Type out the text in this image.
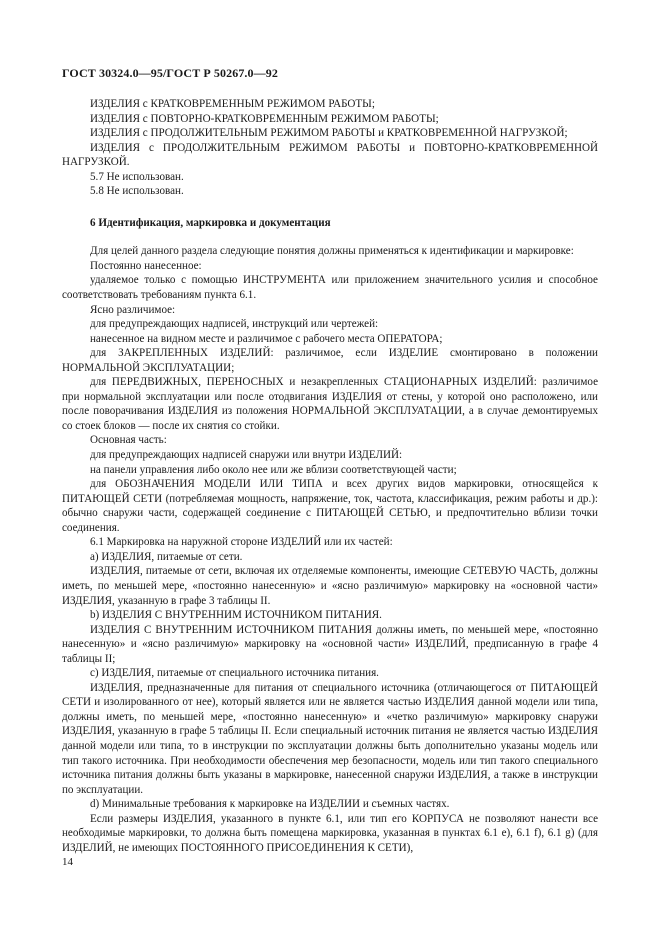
ГОСТ 30324.0—95/ГОСТ Р 50267.0—92

ИЗДЕЛИЯ с КРАТКОВРЕМЕННЫМ РЕЖИМОМ РАБОТЫ;

ИЗДЕЛИЯ с ПОВТОРНО-КРАТКОВРЕМЕННЫМ РЕЖИМОМ РАБОТЫ;

ИЗДЕЛИЯ с ПРОДОЛЖИТЕЛЬНЫМ РЕЖИМОМ РАБОТЫ и КРАТКОВРЕМЕННОЙ НАГРУЗКОЙ;

ИЗДЕЛИЯ с ПРОДОЛЖИТЕЛЬНЫМ РЕЖИМОМ РАБОТЫ и ПОВТОРНО-КРАТКОВРЕМЕННОЙ НАГРУЗКОЙ.

5.7 Не использован.

5.8 Не использован.

6 Идентификация, маркировка и документация

Для целей данного раздела следующие понятия должны применяться к идентификации и маркировке:

Постоянно нанесенное:

удаляемое только с помощью ИНСТРУМЕНТА или приложением значительного усилия и способное соответствовать требованиям пункта 6.1.

Ясно различимое:

для предупреждающих надписей, инструкций или чертежей:

нанесенное на видном месте и различимое с рабочего места ОПЕРАТОРА;

для ЗАКРЕПЛЕННЫХ ИЗДЕЛИЙ: различимое, если ИЗДЕЛИЕ смонтировано в положении НОРМАЛЬНОЙ ЭКСПЛУАТАЦИИ;

для ПЕРЕДВИЖНЫХ, ПЕРЕНОСНЫХ и незакрепленных СТАЦИОНАРНЫХ ИЗДЕЛИЙ: различимое при нормальной эксплуатации или после отодвигания ИЗДЕЛИЯ от стены, у которой оно расположено, или после поворачивания ИЗДЕЛИЯ из положения НОРМАЛЬНОЙ ЭКСПЛУАТАЦИИ, а в случае демонтируемых со стоек блоков — после их снятия со стойки.

Основная часть:

для предупреждающих надписей снаружи или внутри ИЗДЕЛИЙ:

на панели управления либо около нее или же вблизи соответствующей части;

для ОБОЗНАЧЕНИЯ МОДЕЛИ ИЛИ ТИПА и всех других видов маркировки, относящейся к ПИТАЮЩЕЙ СЕТИ (потребляемая мощность, напряжение, ток, частота, классификация, режим работы и др.): обычно снаружи части, содержащей соединение с ПИТАЮЩЕЙ СЕТЬЮ, и предпочтительно вблизи точки соединения.

6.1 Маркировка на наружной стороне ИЗДЕЛИЙ или их частей:

a) ИЗДЕЛИЯ, питаемые от сети.

ИЗДЕЛИЯ, питаемые от сети, включая их отделяемые компоненты, имеющие СЕТЕВУЮ ЧАСТЬ, должны иметь, по меньшей мере, «постоянно нанесенную» и «ясно различимую» маркировку на «основной части» ИЗДЕЛИЯ, указанную в графе 3 таблицы II.

b) ИЗДЕЛИЯ С ВНУТРЕННИМ ИСТОЧНИКОМ ПИТАНИЯ.

ИЗДЕЛИЯ С ВНУТРЕННИМ ИСТОЧНИКОМ ПИТАНИЯ должны иметь, по меньшей мере, «постоянно нанесенную» и «ясно различимую» маркировку на «основной части» ИЗДЕЛИЙ, предписанную в графе 4 таблицы II;

c) ИЗДЕЛИЯ, питаемые от специального источника питания.

ИЗДЕЛИЯ, предназначенные для питания от специального источника (отличающегося от ПИТАЮЩЕЙ СЕТИ и изолированного от нее), который является или не является частью ИЗДЕЛИЯ данной модели или типа, должны иметь, по меньшей мере, «постоянно нанесенную» и «четко различимую» маркировку снаружи ИЗДЕЛИЯ, указанную в графе 5 таблицы II. Если специальный источник питания не является частью ИЗДЕЛИЯ данной модели или типа, то в инструкции по эксплуатации должны быть дополнительно указаны модель или тип такого источника. При необходимости обеспечения мер безопасности, модель или тип такого специального источника питания должны быть указаны в маркировке, нанесенной снаружи ИЗДЕЛИЯ, а также в инструкции по эксплуатации.

d) Минимальные требования к маркировке на ИЗДЕЛИИ и съемных частях.

Если размеры ИЗДЕЛИЯ, указанного в пункте 6.1, или тип его КОРПУСА не позволяют нанести все необходимые маркировки, то должна быть помещена маркировка, указанная в пунктах 6.1 e), 6.1 f), 6.1 g) (для ИЗДЕЛИЙ, не имеющих ПОСТОЯННОГО ПРИСОЕДИНЕНИЯ К СЕТИ),

14
